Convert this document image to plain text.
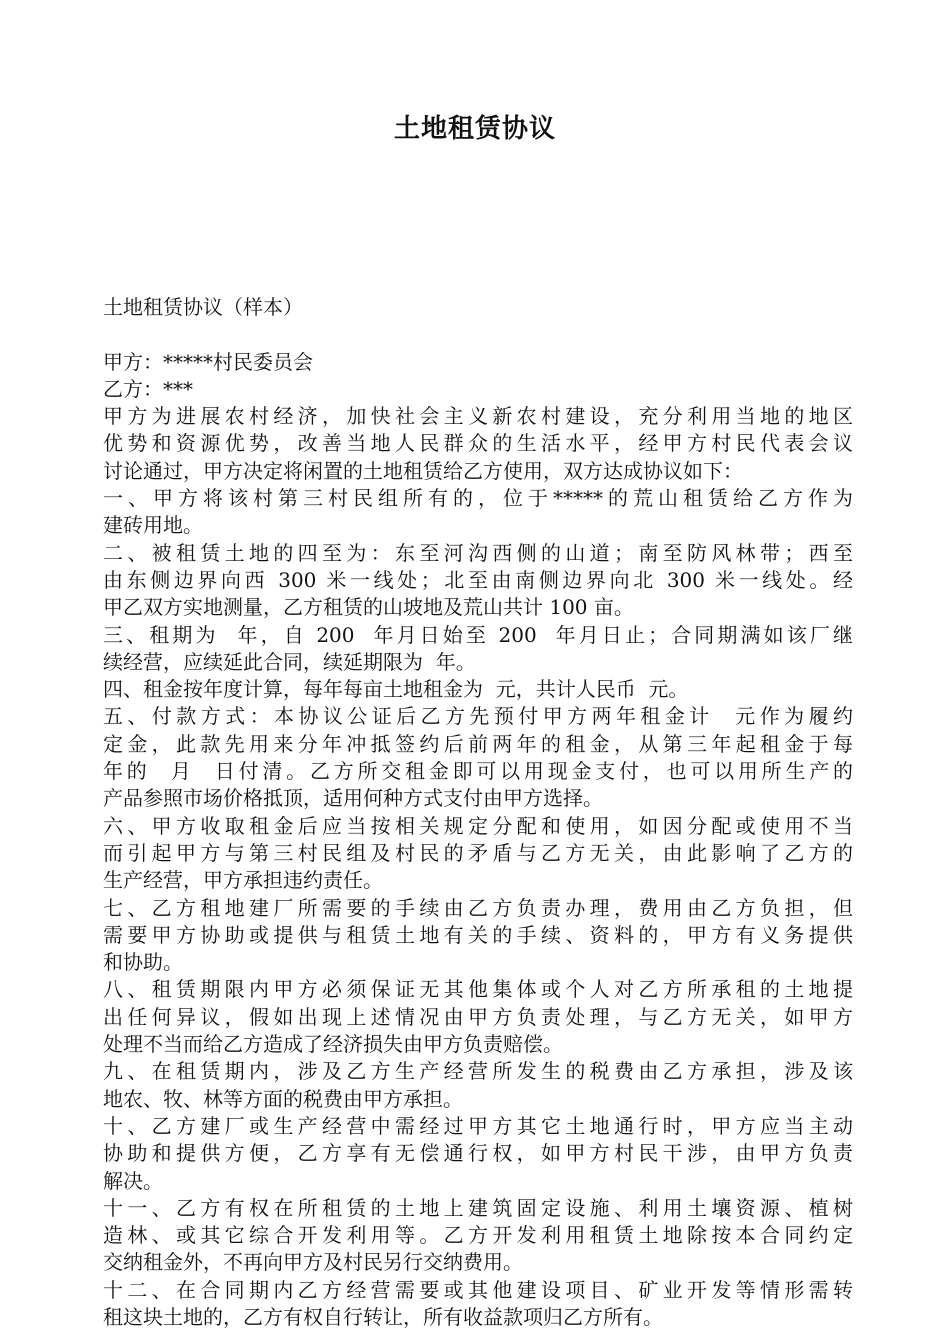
土地租赁协议
土地租赁协议（样本）
甲方：*****村民委员会
乙方：***
甲方为进展农村经济，加快社会主义新农村建设，充分利用当地的地区
优势和资源优势，改善当地人民群众的生活水平，经甲方村民代表会议
讨论通过，甲方决定将闲置的土地租赁给乙方使用，双方达成协议如下：
一、甲方将该村第三村民组所有的，位于*****的荒山租赁给乙方作为
建砖用地。
二、被租赁土地的四至为：东至河沟西侧的山道；南至防风林带；西至
由东侧边界向西 300 米一线处；北至由南侧边界向北 300 米一线处。经
甲乙双方实地测量，乙方租赁的山坡地及荒山共计 100 亩。
三、租期为  年，自 200  年月日始至 200  年月日止；合同期满如该厂继
续经营，应续延此合同，续延期限为  年。
四、租金按年度计算，每年每亩土地租金为  元，共计人民币  元。
五、付款方式：本协议公证后乙方先预付甲方两年租金计  元作为履约
定金，此款先用来分年冲抵签约后前两年的租金，从第三年起租金于每
年的  月  日付清。乙方所交租金即可以用现金支付，也可以用所生产的
产品参照市场价格抵顶，适用何种方式支付由甲方选择。
六、甲方收取租金后应当按相关规定分配和使用，如因分配或使用不当
而引起甲方与第三村民组及村民的矛盾与乙方无关，由此影响了乙方的
生产经营，甲方承担违约责任。
七、乙方租地建厂所需要的手续由乙方负责办理，费用由乙方负担，但
需要甲方协助或提供与租赁土地有关的手续、资料的，甲方有义务提供
和协助。
八、租赁期限内甲方必须保证无其他集体或个人对乙方所承租的土地提
出任何异议，假如出现上述情况由甲方负责处理，与乙方无关，如甲方
处理不当而给乙方造成了经济损失由甲方负责赔偿。
九、在租赁期内，涉及乙方生产经营所发生的税费由乙方承担，涉及该
地农、牧、林等方面的税费由甲方承担。
十、乙方建厂或生产经营中需经过甲方其它土地通行时，甲方应当主动
协助和提供方便，乙方享有无偿通行权，如甲方村民干涉，由甲方负责
解决。
十一、乙方有权在所租赁的土地上建筑固定设施、利用土壤资源、植树
造林、或其它综合开发利用等。乙方开发利用租赁土地除按本合同约定
交纳租金外，不再向甲方及村民另行交纳费用。
十二、在合同期内乙方经营需要或其他建设项目、矿业开发等情形需转
租这块土地的，乙方有权自行转让，所有收益款项归乙方所有。
